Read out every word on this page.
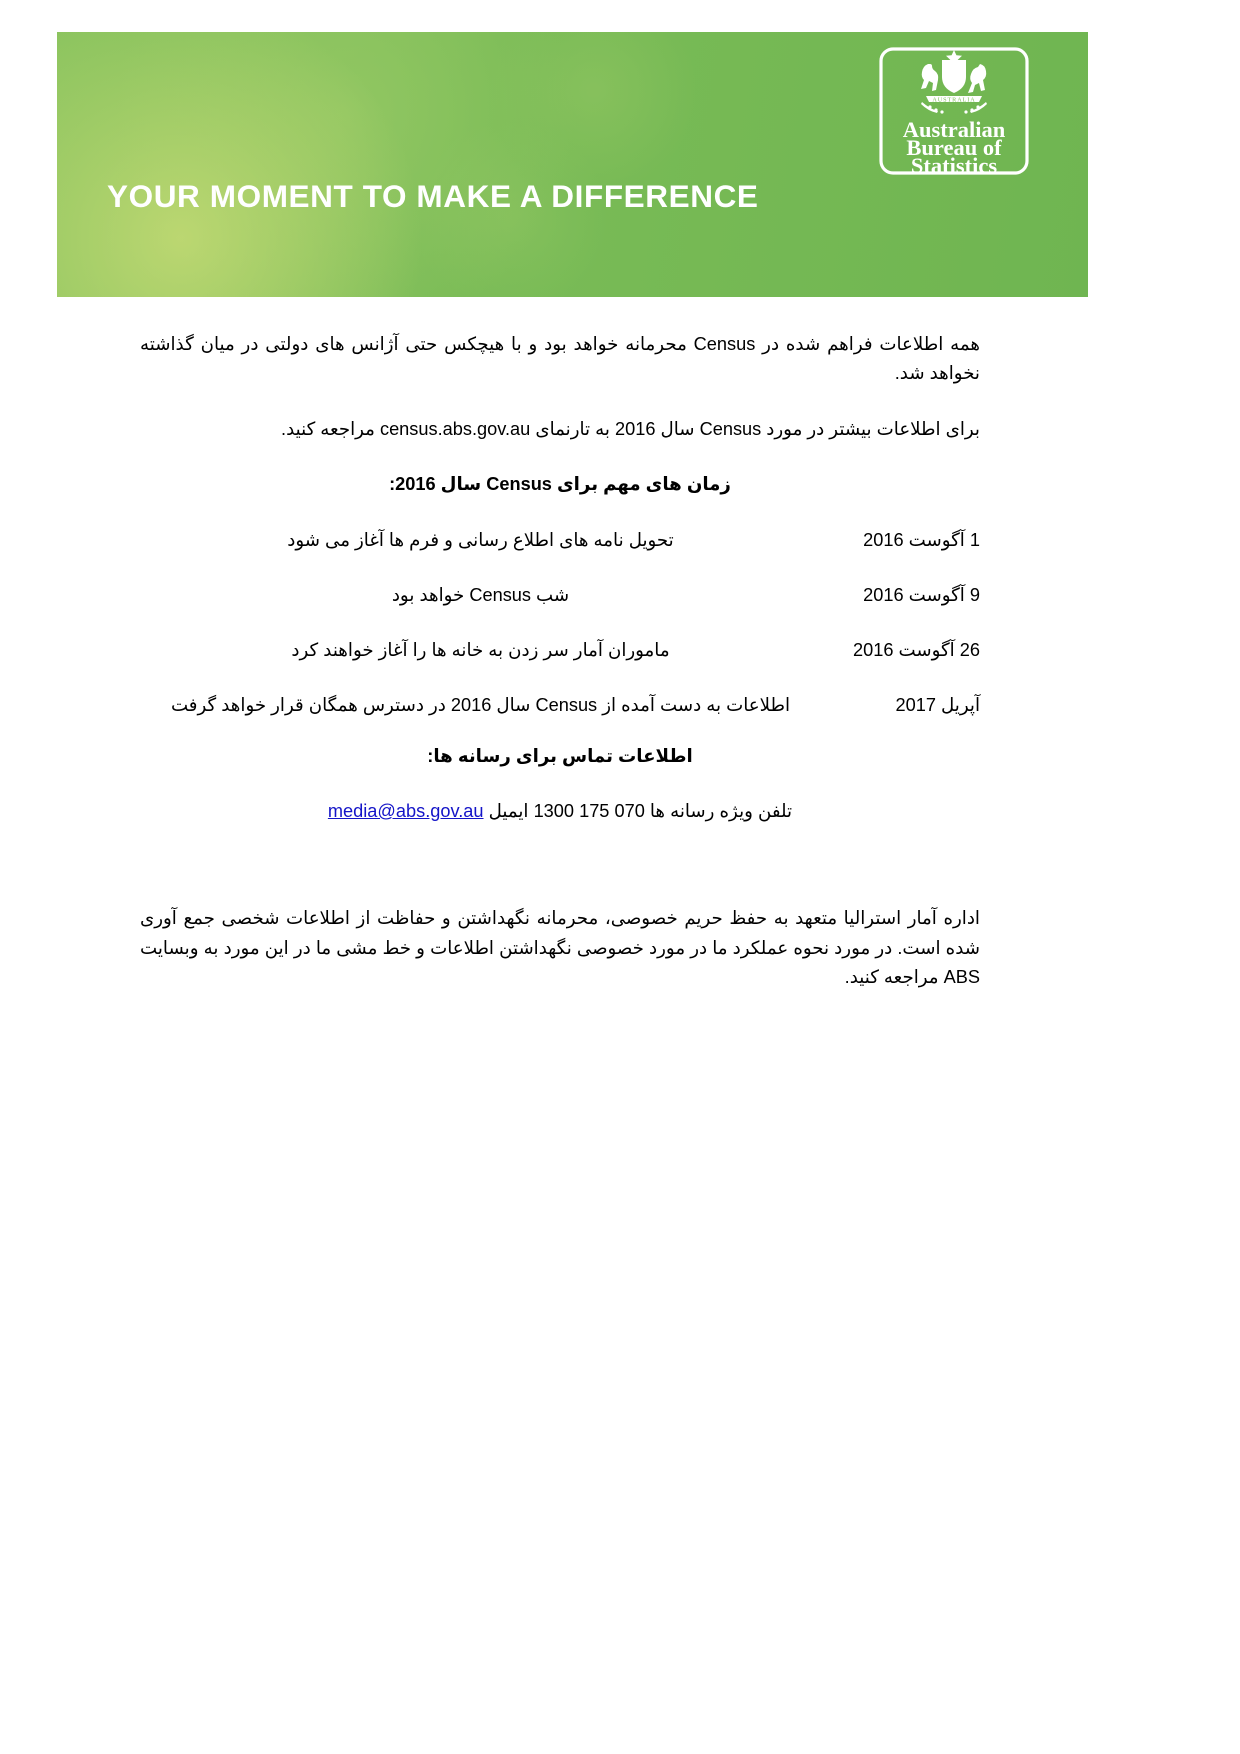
YOUR MOMENT TO MAKE A DIFFERENCE
AUSTRALIA
Australian
Bureau of
Statistics

همه اطلاعات فراهم شده در Census محرمانه خواهد بود و با هیچکس حتی آژانس های دولتی در میان گذاشته نخواهد شد.

برای اطلاعات بیشتر در مورد Census سال 2016 به تارنمای census.abs.gov.au مراجعه کنید.

زمان های مهم برای Census سال 2016:
1 آگوست 2016
تحویل نامه های اطلاع رسانی و فرم ها آغاز می شود
9 آگوست 2016
شب Census خواهد بود
26 آگوست 2016
ماموران آمار سر زدن به خانه ها را آغاز خواهند کرد
آپریل 2017
اطلاعات به دست آمده از Census سال 2016 در دسترس همگان قرار خواهد گرفت
اطلاعات تماس برای رسانه ها:
تلفن ویژه رسانه ها 1300 175 070 ایمیل media@abs.gov.au

اداره آمار استرالیا متعهد به حفظ حریم خصوصی، محرمانه نگهداشتن و حفاظت از اطلاعات شخصی جمع آوری شده است. در مورد نحوه عملکرد ما در مورد خصوصی نگهداشتن اطلاعات و خط مشی ما در این مورد به وبسایت ABS مراجعه کنید.
